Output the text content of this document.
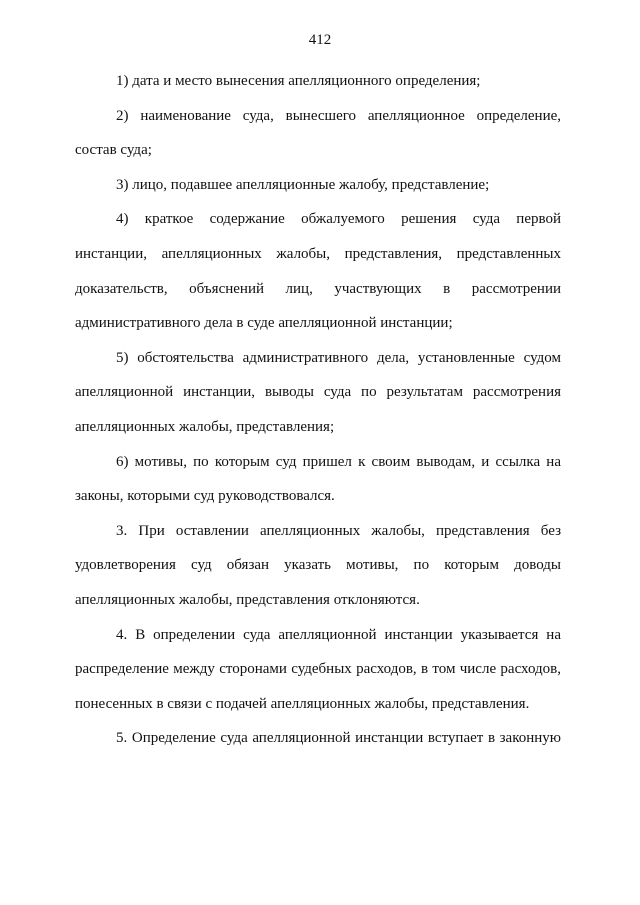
412

1) дата и место вынесения апелляционного определения;

2) наименование суда, вынесшего апелляционное определение, состав суда;

3) лицо, подавшее апелляционные жалобу, представление;

4) краткое содержание обжалуемого решения суда первой инстанции, апелляционных жалобы, представления, представленных доказательств, объяснений лиц, участвующих в рассмотрении административного дела в суде апелляционной инстанции;

5) обстоятельства административного дела, установленные судом апелляционной инстанции, выводы суда по результатам рассмотрения апелляционных жалобы, представления;

6) мотивы, по которым суд пришел к своим выводам, и ссылка на законы, которыми суд руководствовался.

3. При оставлении апелляционных жалобы, представления без удовлетворения суд обязан указать мотивы, по которым доводы апелляционных жалобы, представления отклоняются.

4. В определении суда апелляционной инстанции указывается на распределение между сторонами судебных расходов, в том числе расходов, понесенных в связи с подачей апелляционных жалобы, представления.

5. Определение суда апелляционной инстанции вступает в законную
